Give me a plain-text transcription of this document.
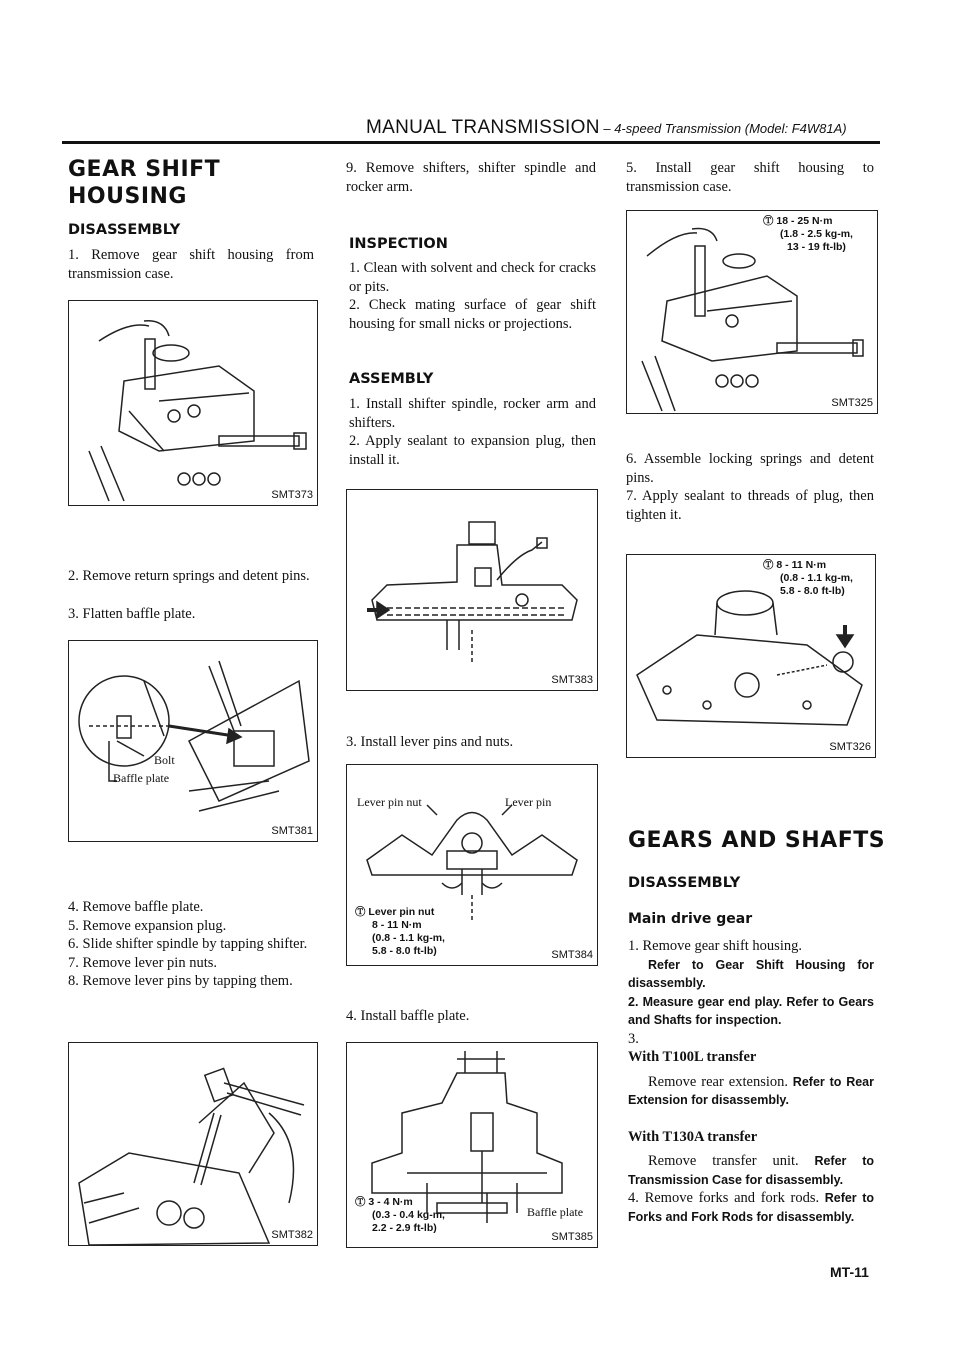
MANUAL TRANSMISSION – 4-speed Transmission (Model: F4W81A)
GEAR SHIFT HOUSING
DISASSEMBLY
1. Remove gear shift housing from transmission case.
SMT373
2. Remove return springs and detent pins.
3. Flatten baffle plate.
Bolt
Baffle plate
SMT381
4. Remove baffle plate.
5. Remove expansion plug.
6. Slide shifter spindle by tapping shifter.
7. Remove lever pin nuts.
8. Remove lever pins by tapping them.
SMT382
9. Remove shifters, shifter spindle and rocker arm.
INSPECTION
1. Clean with solvent and check for cracks or pits.
2. Check mating surface of gear shift housing for small nicks or projections.
ASSEMBLY
1. Install shifter spindle, rocker arm and shifters.
2. Apply sealant to expansion plug, then install it.
SMT383
3. Install lever pins and nuts.
Lever pin nut	Lever pin
Ⓣ Lever pin nut
8 - 11 N·m
(0.8 - 1.1 kg-m,
5.8 - 8.0 ft-lb)	SMT384
4. Install baffle plate.
Baffle plate
Ⓣ 3 - 4 N·m
(0.3 - 0.4 kg-m,
2.2 - 2.9 ft-lb)
SMT385
5. Install gear shift housing to transmission case.
Ⓣ 18 - 25 N·m
(1.8 - 2.5 kg-m,
13 - 19 ft-lb)
SMT325
6. Assemble locking springs and detent pins.
7. Apply sealant to threads of plug, then tighten it.
Ⓣ 8 - 11 N·m
(0.8 - 1.1 kg-m,
5.8 - 8.0 ft-lb)
SMT326
GEARS AND SHAFTS
DISASSEMBLY
Main drive gear
1. Remove gear shift housing.
Refer to Gear Shift Housing for disassembly.
2. Measure gear end play. Refer to Gears and Shafts for inspection.
3.
With T100L transfer
Remove rear extension. Refer to Rear Extension for disassembly.
With T130A transfer
Remove transfer unit. Refer to Transmission Case for disassembly.
4. Remove forks and fork rods. Refer to Forks and Fork Rods for disassembly.
MT-11
